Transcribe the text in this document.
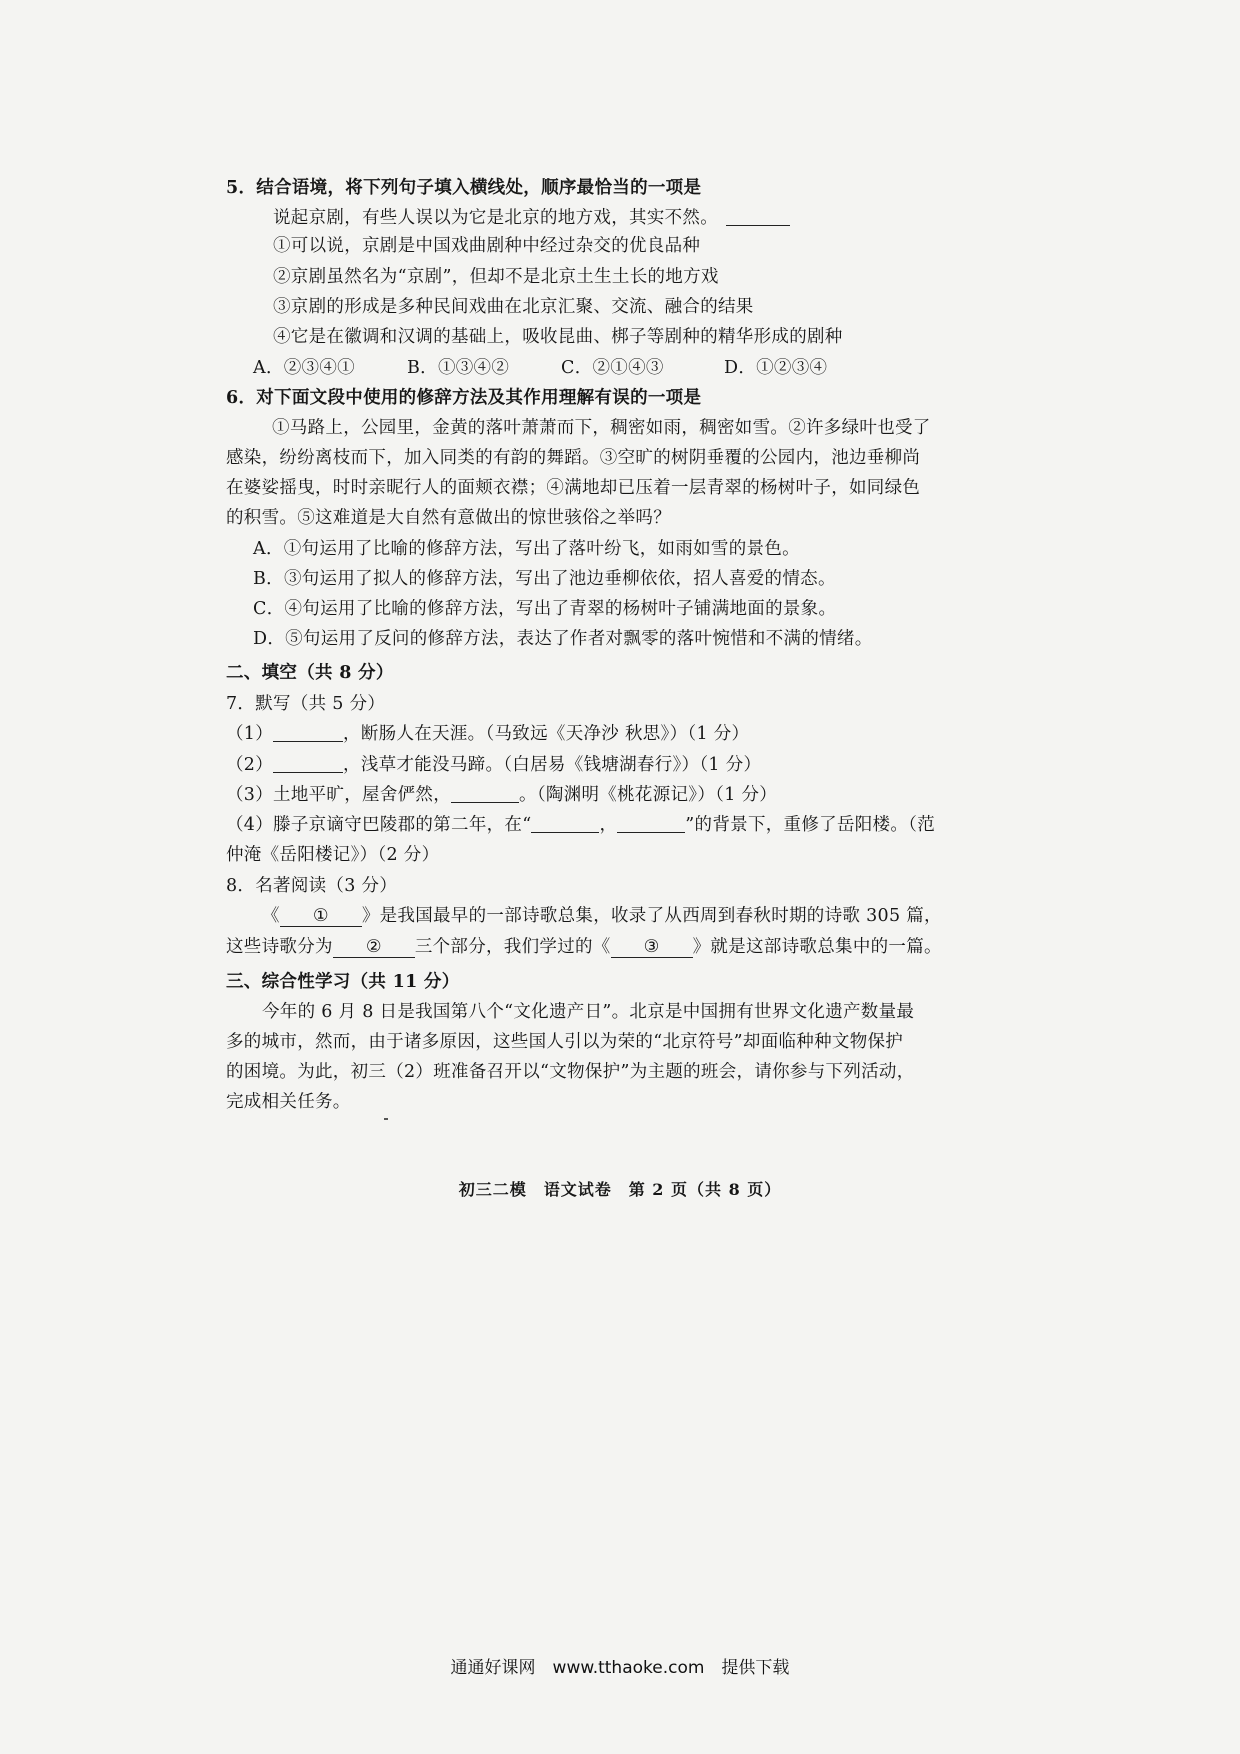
5．结合语境，将下列句子填入横线处，顺序最恰当的一项是
说起京剧，有些人误以为它是北京的地方戏，其实不然。
①可以说，京剧是中国戏曲剧种中经过杂交的优良品种
②京剧虽然名为“京剧”，但却不是北京土生土长的地方戏
③京剧的形成是多种民间戏曲在北京汇聚、交流、融合的结果
④它是在徽调和汉调的基础上，吸收昆曲、梆子等剧种的精华形成的剧种
A．②③④①	B．①③④②	C．②①④③	D．①②③④
6．对下面文段中使用的修辞方法及其作用理解有误的一项是
①马路上，公园里，金黄的落叶萧萧而下，稠密如雨，稠密如雪。②许多绿叶也受了
感染，纷纷离枝而下，加入同类的有韵的舞蹈。③空旷的树阴垂覆的公园内，池边垂柳尚
在婆娑摇曳，时时亲昵行人的面颊衣襟；④满地却已压着一层青翠的杨树叶子，如同绿色
的积雪。⑤这难道是大自然有意做出的惊世骇俗之举吗？
A．①句运用了比喻的修辞方法，写出了落叶纷飞，如雨如雪的景色。
B．③句运用了拟人的修辞方法，写出了池边垂柳依依，招人喜爱的情态。
C．④句运用了比喻的修辞方法，写出了青翠的杨树叶子铺满地面的景象。
D．⑤句运用了反问的修辞方法，表达了作者对飘零的落叶惋惜和不满的情绪。
二、填空（共 8 分）
7．默写（共 5 分）
（1）	，断肠人在天涯。（马致远《天净沙 秋思》）（1 分）
（2）	，浅草才能没马蹄。（白居易《钱塘湖春行》）（1 分）
（3）土地平旷，屋舍俨然，	。（陶渊明《桃花源记》）（1 分）
（4）滕子京谪守巴陵郡的第二年，在“	，	”的背景下，重修了岳阳楼。（范
仲淹《岳阳楼记》）（2 分）
8．名著阅读（3 分）
《 ① 》是我国最早的一部诗歌总集，收录了从西周到春秋时期的诗歌 305 篇，
这些诗歌分为 ② 三个部分，我们学过的《 ③ 》就是这部诗歌总集中的一篇。
三、综合性学习（共 11 分）
今年的 6 月 8 日是我国第八个“文化遗产日”。北京是中国拥有世界文化遗产数量最
多的城市，然而，由于诸多原因，这些国人引以为荣的“北京符号”却面临种种文物保护
的困境。为此，初三（2）班准备召开以“文物保护”为主题的班会，请你参与下列活动，
完成相关任务。
初三二模　语文试卷　第 2 页（共 8 页）
通通好课网　www.tthaoke.com　提供下载
